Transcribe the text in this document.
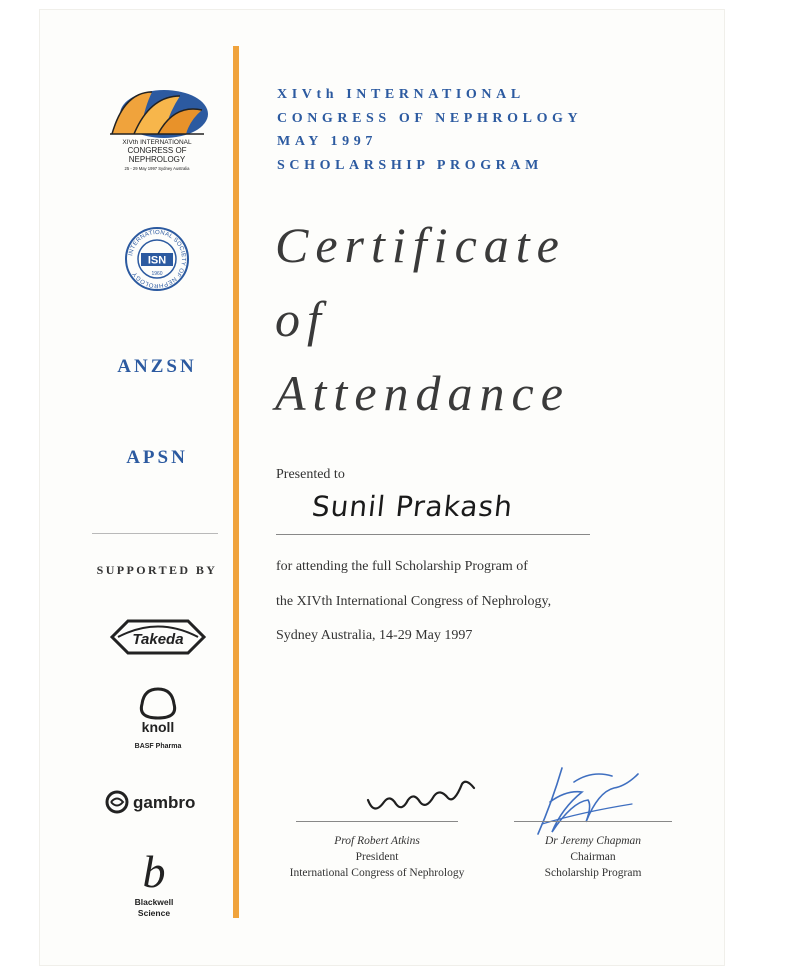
XIVth INTERNATIONAL
CONGRESS OF
NEPHROLOGY
25 - 29 May 1997 Sydney Australia
INTERNATIONAL SOCIETY OF NEPHROLOGY
ISN
1960
ANZSN
APSN
SUPPORTED BY
Takeda
knoll
BASF Pharma
gambro
b
Blackwell
Science
XIVth INTERNATIONAL
CONGRESS OF NEPHROLOGY
MAY 1997
SCHOLARSHIP PROGRAM
Certificate
of
Attendance
Presented to
Sunil Prakash
for attending the full Scholarship Program of
the XIVth International Congress of Nephrology,
Sydney Australia, 14-29 May 1997
Prof Robert Atkins
President
International Congress of Nephrology
Dr Jeremy Chapman
Chairman
Scholarship Program
